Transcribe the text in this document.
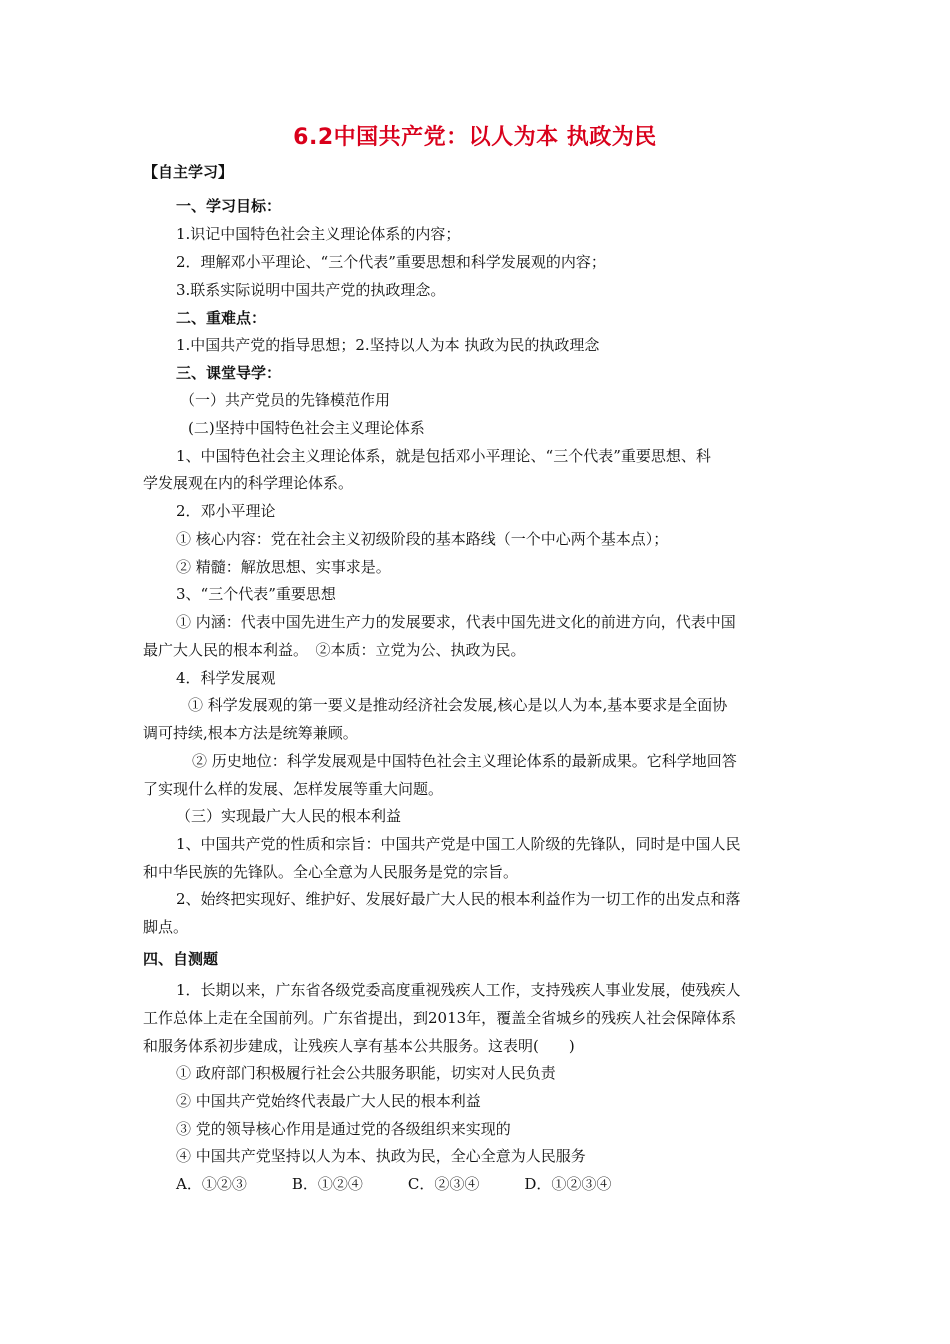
6.2中国共产党：以人为本 执政为民
【自主学习】
一、学习目标：
1.识记中国特色社会主义理论体系的内容；
2．理解邓小平理论、“三个代表”重要思想和科学发展观的内容；
3.联系实际说明中国共产党的执政理念。
二、重难点：
1.中国共产党的指导思想；2.坚持以人为本 执政为民的执政理念
三、课堂导学：
（一）共产党员的先锋模范作用
(二)坚持中国特色社会主义理论体系
1、中国特色社会主义理论体系，就是包括邓小平理论、“三个代表”重要思想、科
学发展观在内的科学理论体系。
2．邓小平理论
① 核心内容：党在社会主义初级阶段的基本路线（一个中心两个基本点）；
② 精髓：解放思想、实事求是。
3、“三个代表”重要思想
① 内涵：代表中国先进生产力的发展要求，代表中国先进文化的前进方向，代表中国
最广大人民的根本利益。　②本质：立党为公、执政为民。
4．科学发展观
① 科学发展观的第一要义是推动经济社会发展,核心是以人为本,基本要求是全面协
调可持续,根本方法是统筹兼顾。
② 历史地位：科学发展观是中国特色社会主义理论体系的最新成果。它科学地回答
了实现什么样的发展、怎样发展等重大问题。
（三）实现最广大人民的根本利益
1、中国共产党的性质和宗旨：中国共产党是中国工人阶级的先锋队，同时是中国人民
和中华民族的先锋队。全心全意为人民服务是党的宗旨。
2、始终把实现好、维护好、发展好最广大人民的根本利益作为一切工作的出发点和落
脚点。
四、自测题
1．长期以来，广东省各级党委高度重视残疾人工作，支持残疾人事业发展，使残疾人
工作总体上走在全国前列。广东省提出，到2013年，覆盖全省城乡的残疾人社会保障体系
和服务体系初步建成，让残疾人享有基本公共服务。这表明(　　)
① 政府部门积极履行社会公共服务职能，切实对人民负责
② 中国共产党始终代表最广大人民的根本利益
③ 党的领导核心作用是通过党的各级组织来实现的
④ 中国共产党坚持以人为本、执政为民，全心全意为人民服务
A．①②③　　　B．①②④　　　C．②③④　　　D．①②③④
